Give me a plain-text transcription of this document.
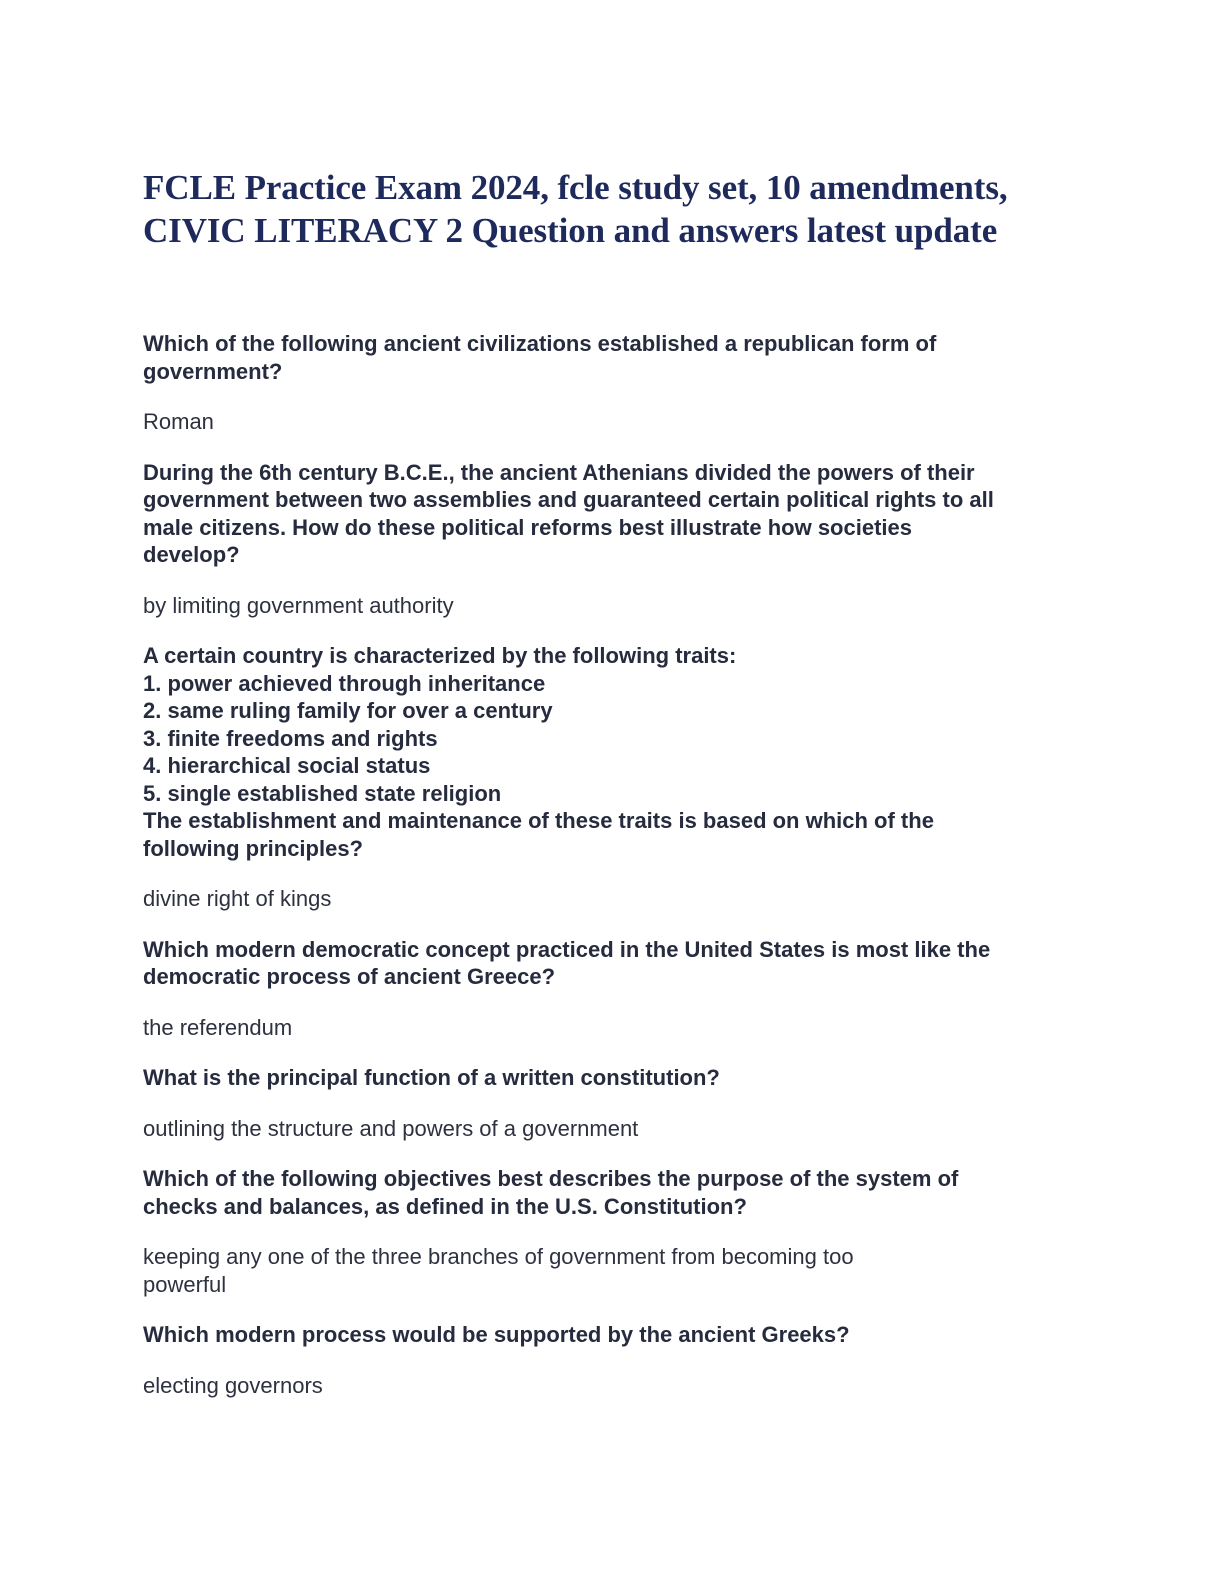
FCLE Practice Exam 2024, fcle study set, 10 amendments,
CIVIC LITERACY 2 Question and answers latest update

Which of the following ancient civilizations established a republican form of
government?

Roman

During the 6th century B.C.E., the ancient Athenians divided the powers of their
government between two assemblies and guaranteed certain political rights to all
male citizens. How do these political reforms best illustrate how societies
develop?

by limiting government authority

A certain country is characterized by the following traits:
1. power achieved through inheritance
2. same ruling family for over a century
3. finite freedoms and rights
4. hierarchical social status
5. single established state religion
The establishment and maintenance of these traits is based on which of the
following principles?

divine right of kings

Which modern democratic concept practiced in the United States is most like the
democratic process of ancient Greece?

the referendum

What is the principal function of a written constitution?

outlining the structure and powers of a government

Which of the following objectives best describes the purpose of the system of
checks and balances, as defined in the U.S. Constitution?

keeping any one of the three branches of government from becoming too
powerful

Which modern process would be supported by the ancient Greeks?

electing governors
